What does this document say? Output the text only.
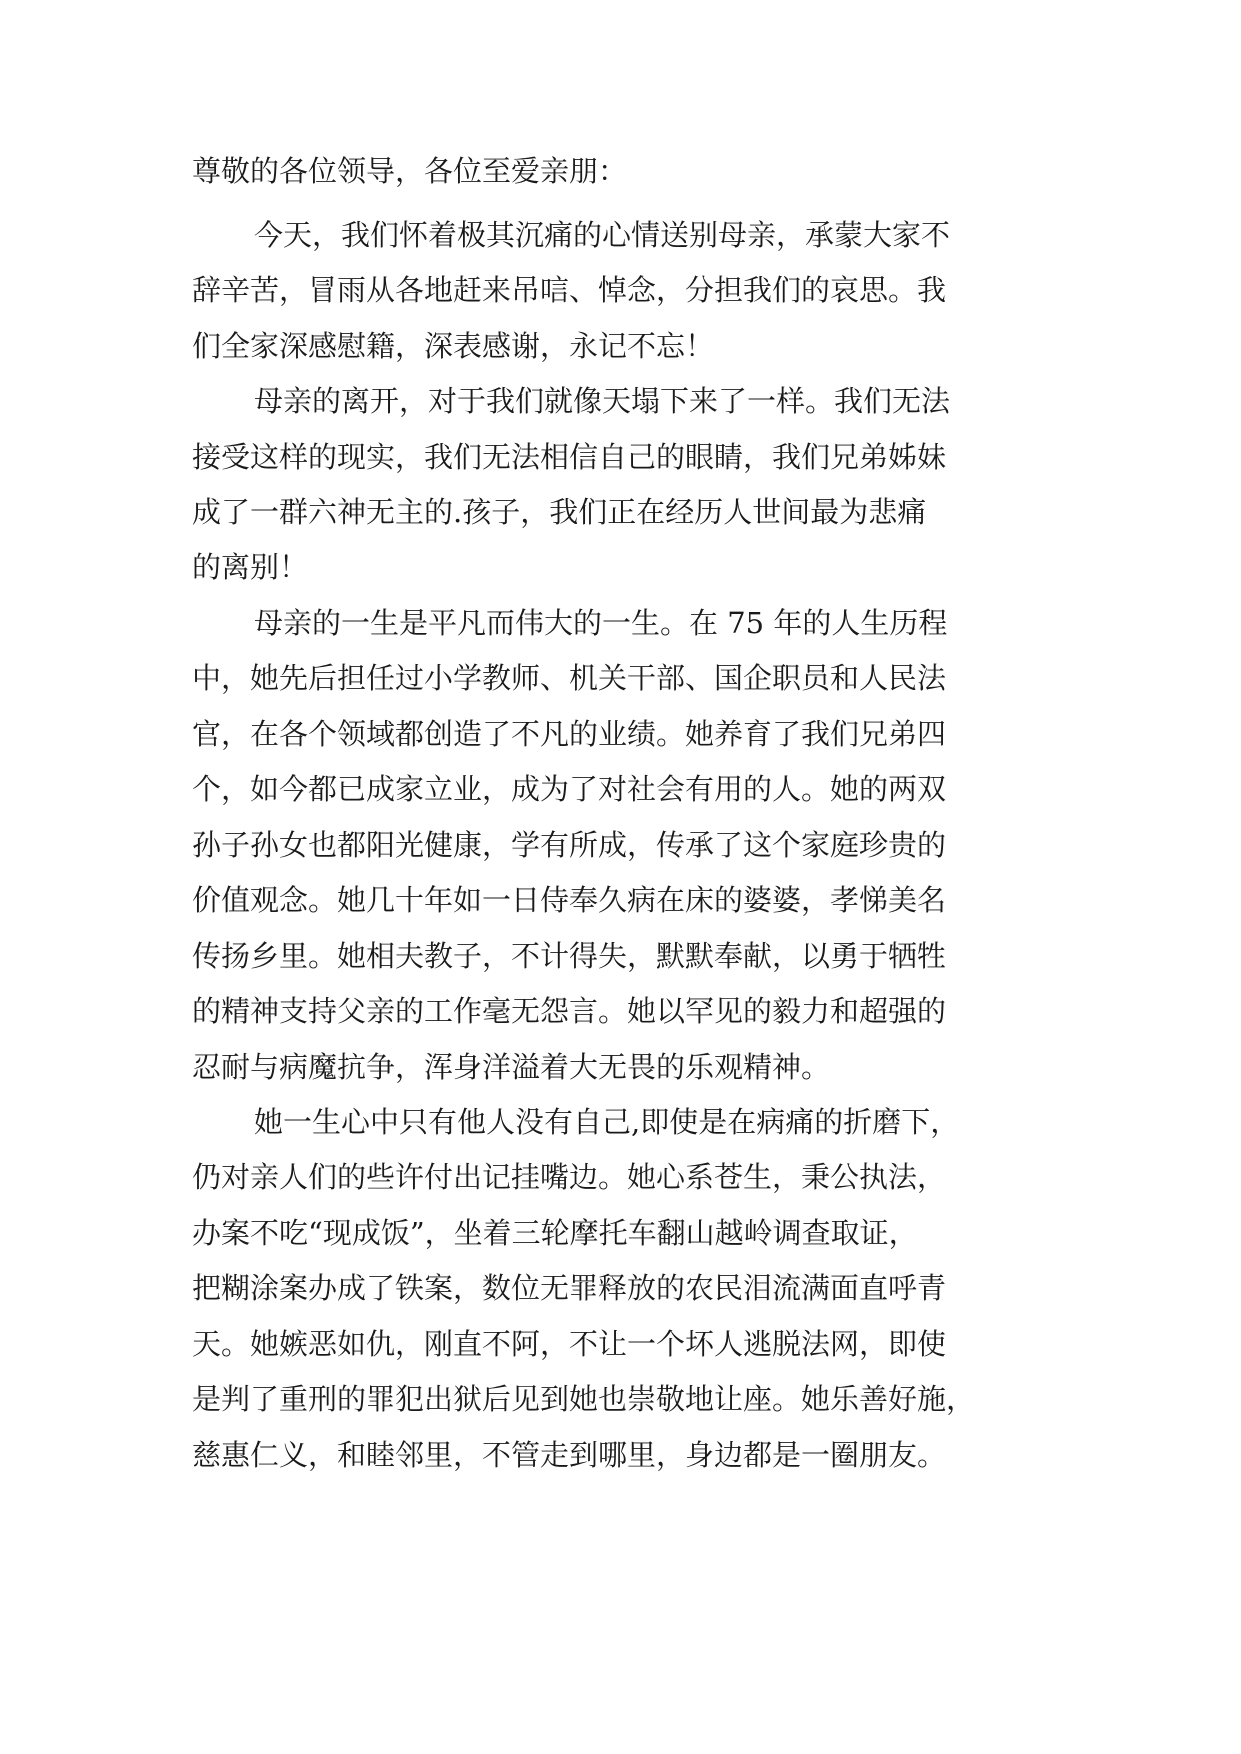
尊敬的各位领导，各位至爱亲朋：
今天，我们怀着极其沉痛的心情送别母亲，承蒙大家不
辞辛苦，冒雨从各地赶来吊唁、悼念，分担我们的哀思。我
们全家深感慰籍，深表感谢，永记不忘！
母亲的离开，对于我们就像天塌下来了一样。我们无法
接受这样的现实，我们无法相信自己的眼睛，我们兄弟姊妹
成了一群六神无主的.孩子，我们正在经历人世间最为悲痛
的离别！
母亲的一生是平凡而伟大的一生。在 75 年的人生历程
中，她先后担任过小学教师、机关干部、国企职员和人民法
官，在各个领域都创造了不凡的业绩。她养育了我们兄弟四
个，如今都已成家立业，成为了对社会有用的人。她的两双
孙子孙女也都阳光健康，学有所成，传承了这个家庭珍贵的
价值观念。她几十年如一日侍奉久病在床的婆婆，孝悌美名
传扬乡里。她相夫教子，不计得失，默默奉献，以勇于牺牲
的精神支持父亲的工作毫无怨言。她以罕见的毅力和超强的
忍耐与病魔抗争，浑身洋溢着大无畏的乐观精神。
她一生心中只有他人没有自己,即使是在病痛的折磨下，
仍对亲人们的些许付出记挂嘴边。她心系苍生，秉公执法，
办案不吃“现成饭”，坐着三轮摩托车翻山越岭调查取证，
把糊涂案办成了铁案，数位无罪释放的农民泪流满面直呼青
天。她嫉恶如仇，刚直不阿，不让一个坏人逃脱法网，即使
是判了重刑的罪犯出狱后见到她也崇敬地让座。她乐善好施，
慈惠仁义，和睦邻里，不管走到哪里，身边都是一圈朋友。
